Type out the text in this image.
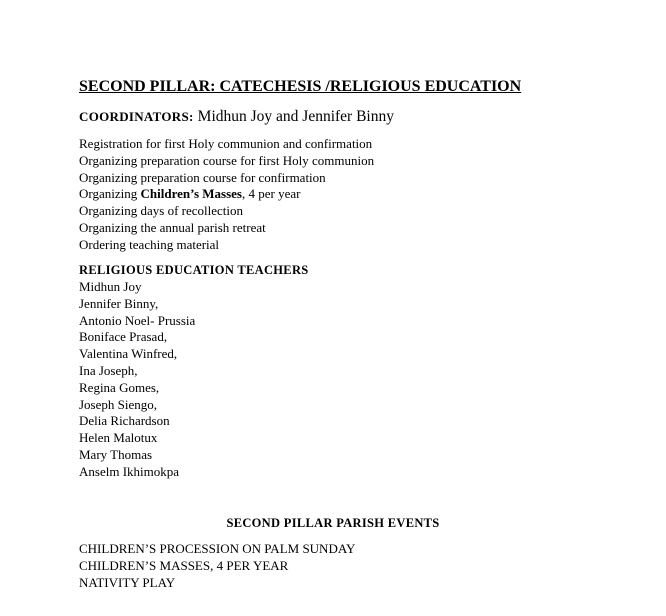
SECOND PILLAR: CATECHESIS /RELIGIOUS EDUCATION
COORDINATORS: Midhun Joy and Jennifer Binny
Registration for first Holy communion and confirmation
Organizing preparation course for first Holy communion
Organizing preparation course for confirmation
Organizing Children’s Masses, 4 per year
Organizing days of recollection
Organizing the annual parish retreat
Ordering teaching material
RELIGIOUS EDUCATION TEACHERS
Midhun Joy
Jennifer Binny,
Antonio Noel- Prussia
Boniface Prasad,
Valentina Winfred,
Ina Joseph,
Regina Gomes,
Joseph Siengo,
Delia Richardson
Helen Malotux
Mary Thomas
Anselm Ikhimokpa
SECOND PILLAR PARISH EVENTS
CHILDREN’S PROCESSION ON PALM SUNDAY
CHILDREN’S MASSES, 4 PER YEAR
NATIVITY PLAY
